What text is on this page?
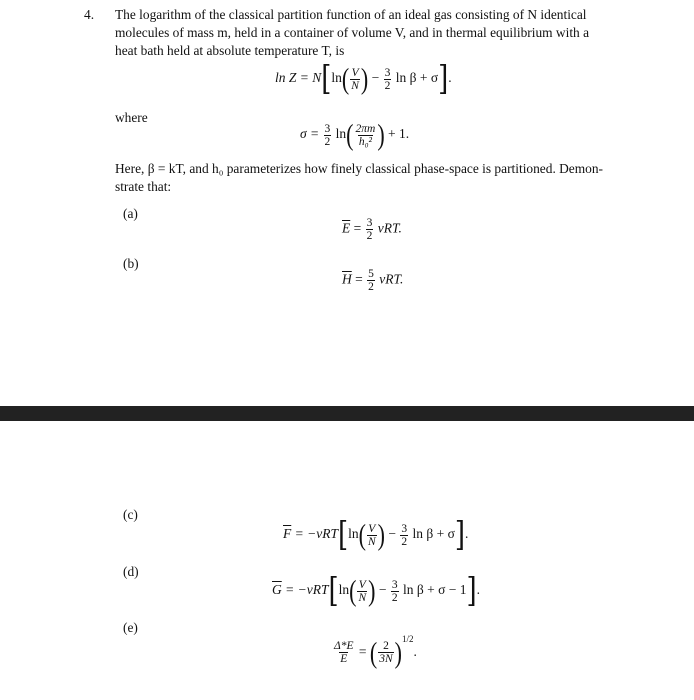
4. The logarithm of the classical partition function of an ideal gas consisting of N identical
molecules of mass m, held in a container of volume V, and in thermal equilibrium with a
heat bath held at absolute temperature T, is
$\ln Z = N[\ln( \frac{V}{N}$ ) − $\frac{3}{2}$ ln β + σ].
where
$\sigma = \frac{3}{2} \ln( \frac{2\pi m}{\text{h₀²}}$ ) + 1.
Here, β = kT, and h₀ parameterizes how finely classical phase-space is partitioned. Demon-
strate that:
(a)
$\overline{E} = \frac{3}{2} \nu RT$.
(b)
$\overline{H} = \frac{5}{2} \nu RT$.
(c)
$\overline{F} = -\nu RT[\ln( \frac{V}{N}$ ) − $\frac{3}{2}$ ln β + σ].
(d)
$\overline{G} = -\nu RT[\ln( \frac{V}{N}$ ) − $\frac{3}{2}$ ln β + σ − 1].
(e)
$\frac{\Delta*E}{E}$ = ( $\frac{2}{3N} )^{1/2}$.
